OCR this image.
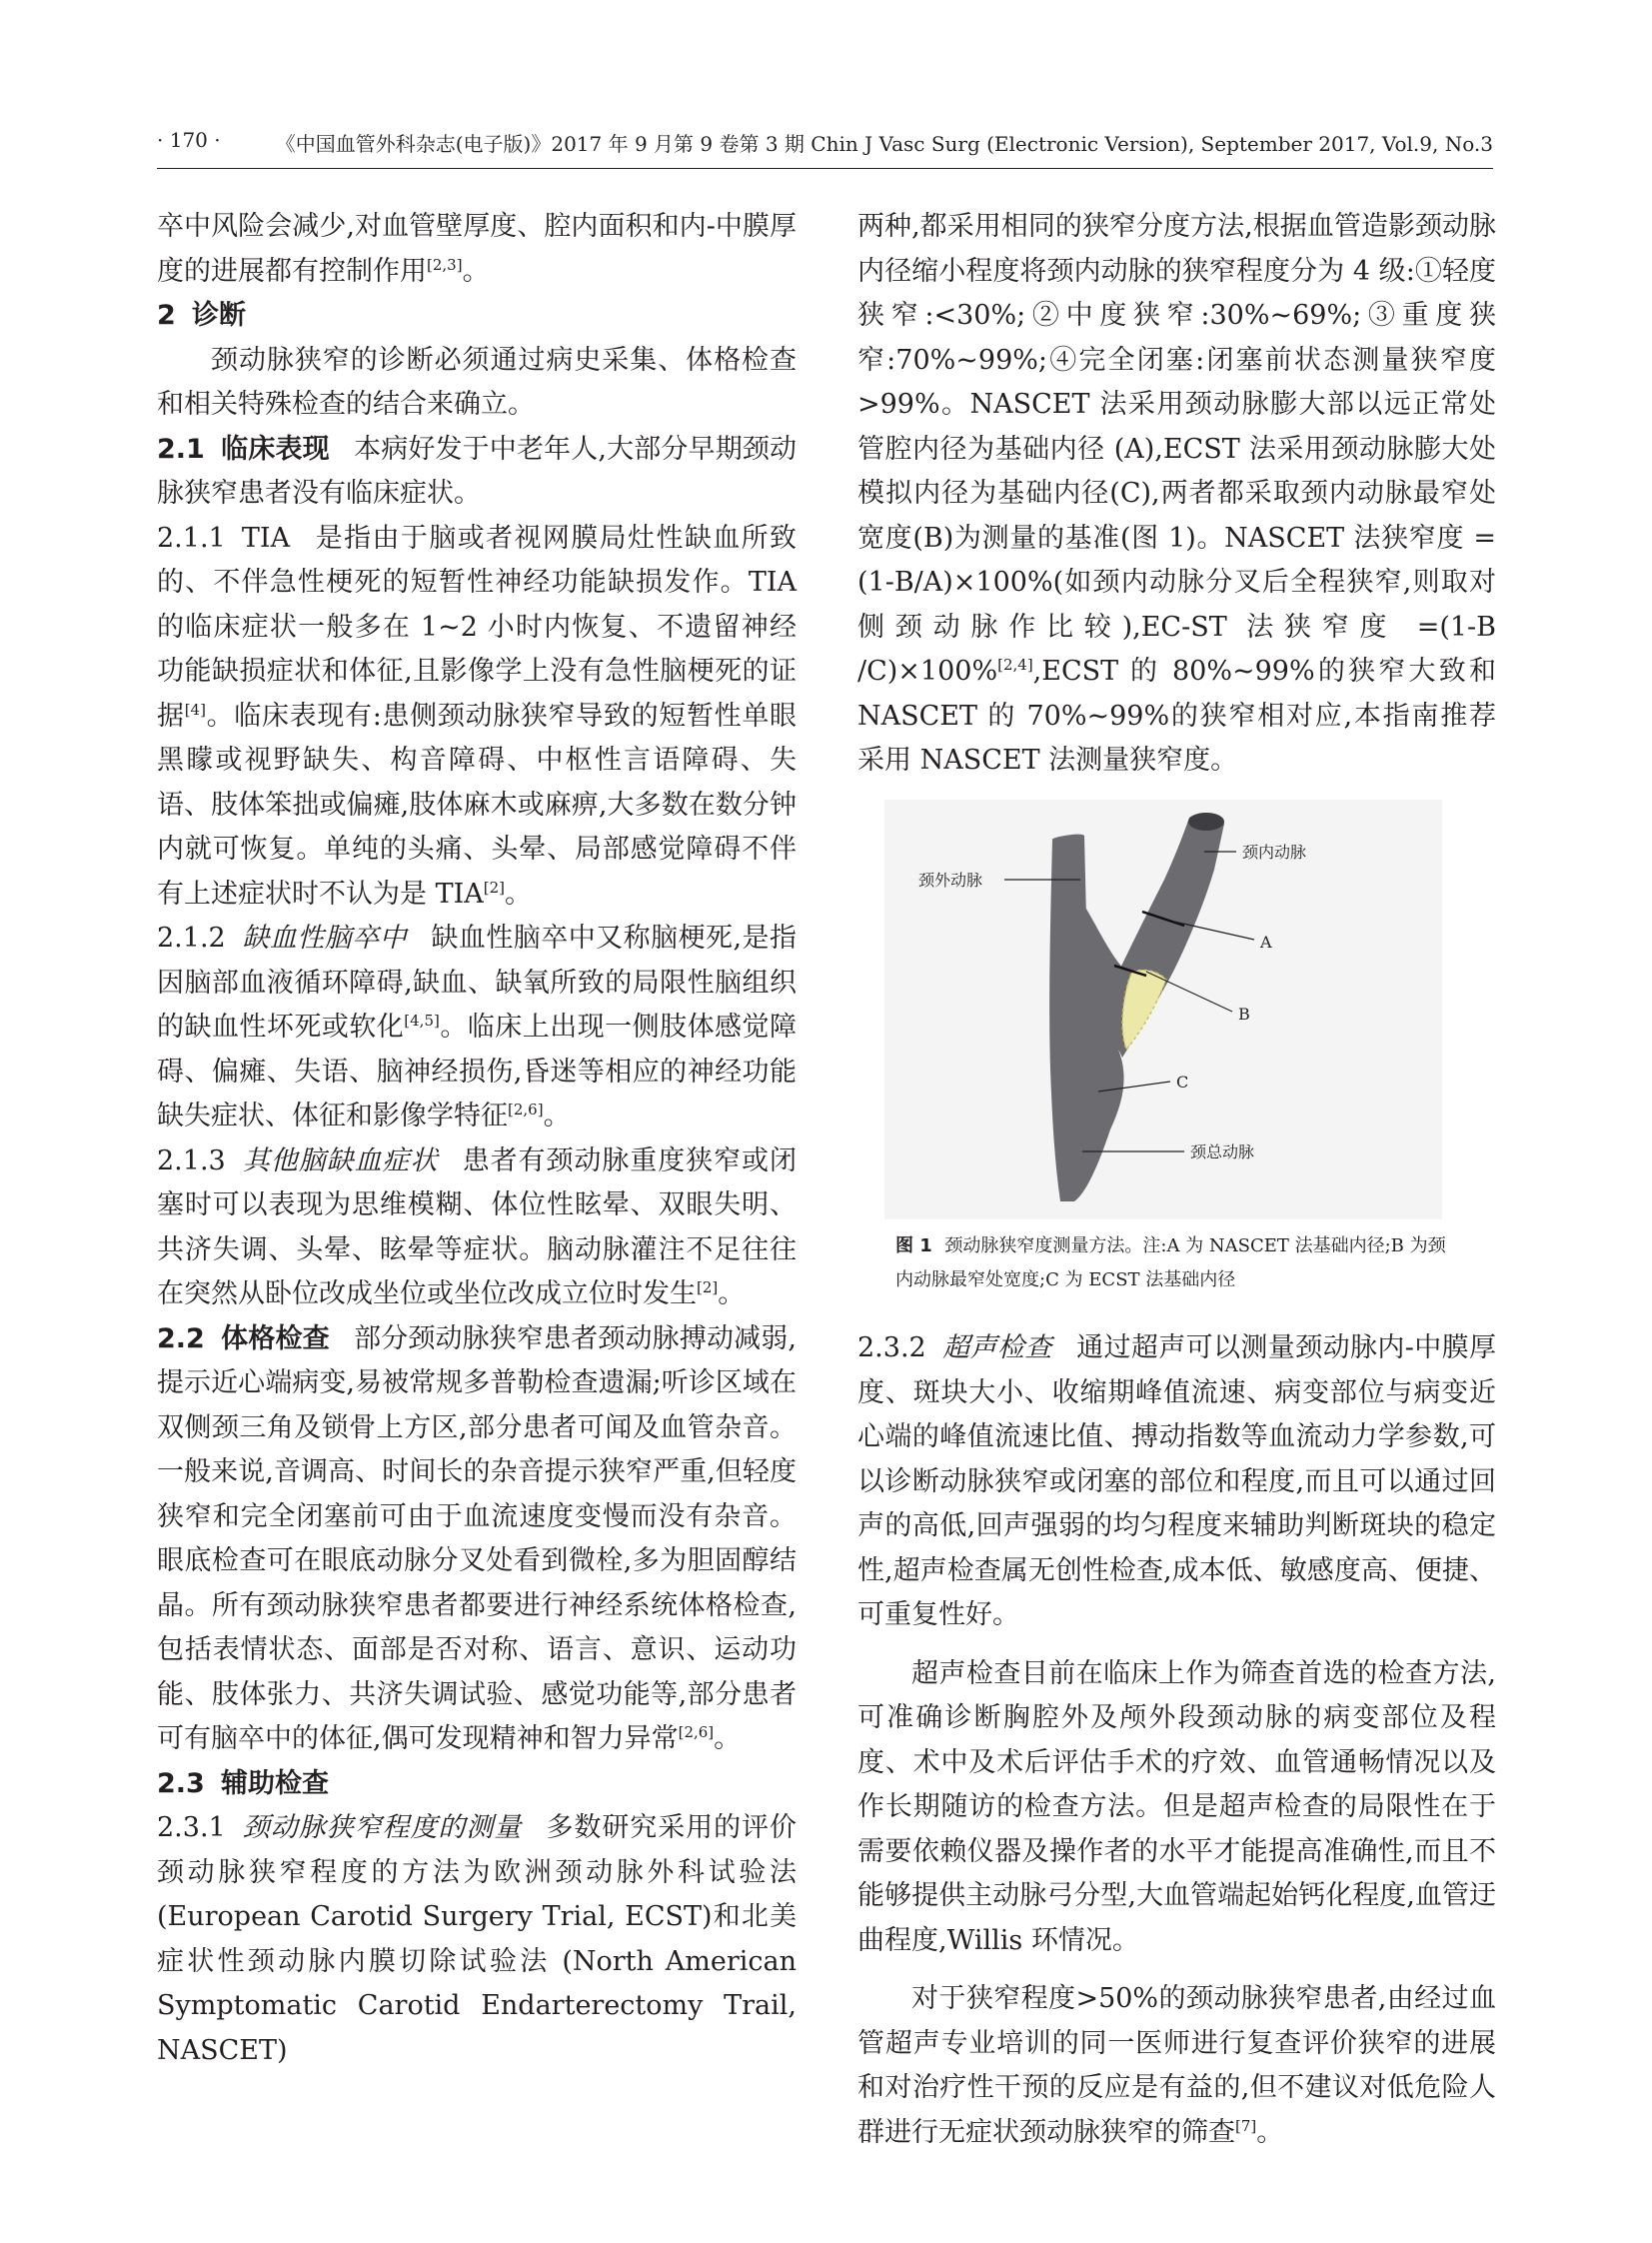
· 170 ·	《中国血管外科杂志(电子版)》2017 年 9 月第 9 卷第 3 期 Chin J Vasc Surg (Electronic Version), September 2017, Vol.9, No.3

卒中风险会减少,对血管壁厚度、腔内面积和内-中膜厚度的进展都有控制作用[2,3]。

2 诊断

颈动脉狭窄的诊断必须通过病史采集、体格检查和相关特殊检查的结合来确立。

2.1 临床表现 本病好发于中老年人,大部分早期颈动脉狭窄患者没有临床症状。

2.1.1 TIA 是指由于脑或者视网膜局灶性缺血所致的、不伴急性梗死的短暂性神经功能缺损发作。TIA 的临床症状一般多在 1~2 小时内恢复、不遗留神经功能缺损症状和体征,且影像学上没有急性脑梗死的证据[4]。临床表现有:患侧颈动脉狭窄导致的短暂性单眼黑矇或视野缺失、构音障碍、中枢性言语障碍、失语、肢体笨拙或偏瘫,肢体麻木或麻痹,大多数在数分钟内就可恢复。单纯的头痛、头晕、局部感觉障碍不伴有上述症状时不认为是 TIA[2]。

2.1.2 缺血性脑卒中 缺血性脑卒中又称脑梗死,是指因脑部血液循环障碍,缺血、缺氧所致的局限性脑组织的缺血性坏死或软化[4,5]。临床上出现一侧肢体感觉障碍、偏瘫、失语、脑神经损伤,昏迷等相应的神经功能缺失症状、体征和影像学特征[2,6]。

2.1.3 其他脑缺血症状 患者有颈动脉重度狭窄或闭塞时可以表现为思维模糊、体位性眩晕、双眼失明、共济失调、头晕、眩晕等症状。脑动脉灌注不足往往在突然从卧位改成坐位或坐位改成立位时发生[2]。

2.2 体格检查 部分颈动脉狭窄患者颈动脉搏动减弱,提示近心端病变,易被常规多普勒检查遗漏;听诊区域在双侧颈三角及锁骨上方区,部分患者可闻及血管杂音。一般来说,音调高、时间长的杂音提示狭窄严重,但轻度狭窄和完全闭塞前可由于血流速度变慢而没有杂音。眼底检查可在眼底动脉分叉处看到微栓,多为胆固醇结晶。所有颈动脉狭窄患者都要进行神经系统体格检查,包括表情状态、面部是否对称、语言、意识、运动功能、肢体张力、共济失调试验、感觉功能等,部分患者可有脑卒中的体征,偶可发现精神和智力异常[2,6]。

2.3 辅助检查

2.3.1 颈动脉狭窄程度的测量 多数研究采用的评价颈动脉狭窄程度的方法为欧洲颈动脉外科试验法(European Carotid Surgery Trial, ECST)和北美症状性颈动脉内膜切除试验法 (North American Symptomatic Carotid Endarterectomy Trail, NASCET)

两种,都采用相同的狭窄分度方法,根据血管造影颈动脉内径缩小程度将颈内动脉的狭窄程度分为 4 级:①轻度狭窄:<30%;②中度狭窄:30%~69%;③重度狭窄:70%~99%;④完全闭塞:闭塞前状态测量狭窄度>99%。NASCET 法采用颈动脉膨大部以远正常处管腔内径为基础内径 (A),ECST 法采用颈动脉膨大处模拟内径为基础内径(C),两者都采取颈内动脉最窄处宽度(B)为测量的基准(图 1)。NASCET 法狭窄度 =(1-B/A)×100%(如颈内动脉分叉后全程狭窄,则取对侧颈动脉作比较),EC-ST 法狭窄度 =(1-B /C)×100%[2,4],ECST 的 80%~99%的狭窄大致和 NASCET 的 70%~99%的狭窄相对应,本指南推荐采用 NASCET 法测量狭窄度。

颈内动脉
颈外动脉
A
B
C
颈总动脉
图 1 颈动脉狭窄度测量方法。注:A 为 NASCET 法基础内径;B 为颈内动脉最窄处宽度;C 为 ECST 法基础内径

2.3.2 超声检查 通过超声可以测量颈动脉内-中膜厚度、斑块大小、收缩期峰值流速、病变部位与病变近心端的峰值流速比值、搏动指数等血流动力学参数,可以诊断动脉狭窄或闭塞的部位和程度,而且可以通过回声的高低,回声强弱的均匀程度来辅助判断斑块的稳定性,超声检查属无创性检查,成本低、敏感度高、便捷、可重复性好。

超声检查目前在临床上作为筛查首选的检查方法,可准确诊断胸腔外及颅外段颈动脉的病变部位及程度、术中及术后评估手术的疗效、血管通畅情况以及作长期随访的检查方法。但是超声检查的局限性在于需要依赖仪器及操作者的水平才能提高准确性,而且不能够提供主动脉弓分型,大血管端起始钙化程度,血管迂曲程度,Willis 环情况。

对于狭窄程度>50%的颈动脉狭窄患者,由经过血管超声专业培训的同一医师进行复查评价狭窄的进展和对治疗性干预的反应是有益的,但不建议对低危险人群进行无症状颈动脉狭窄的筛查[7]。
